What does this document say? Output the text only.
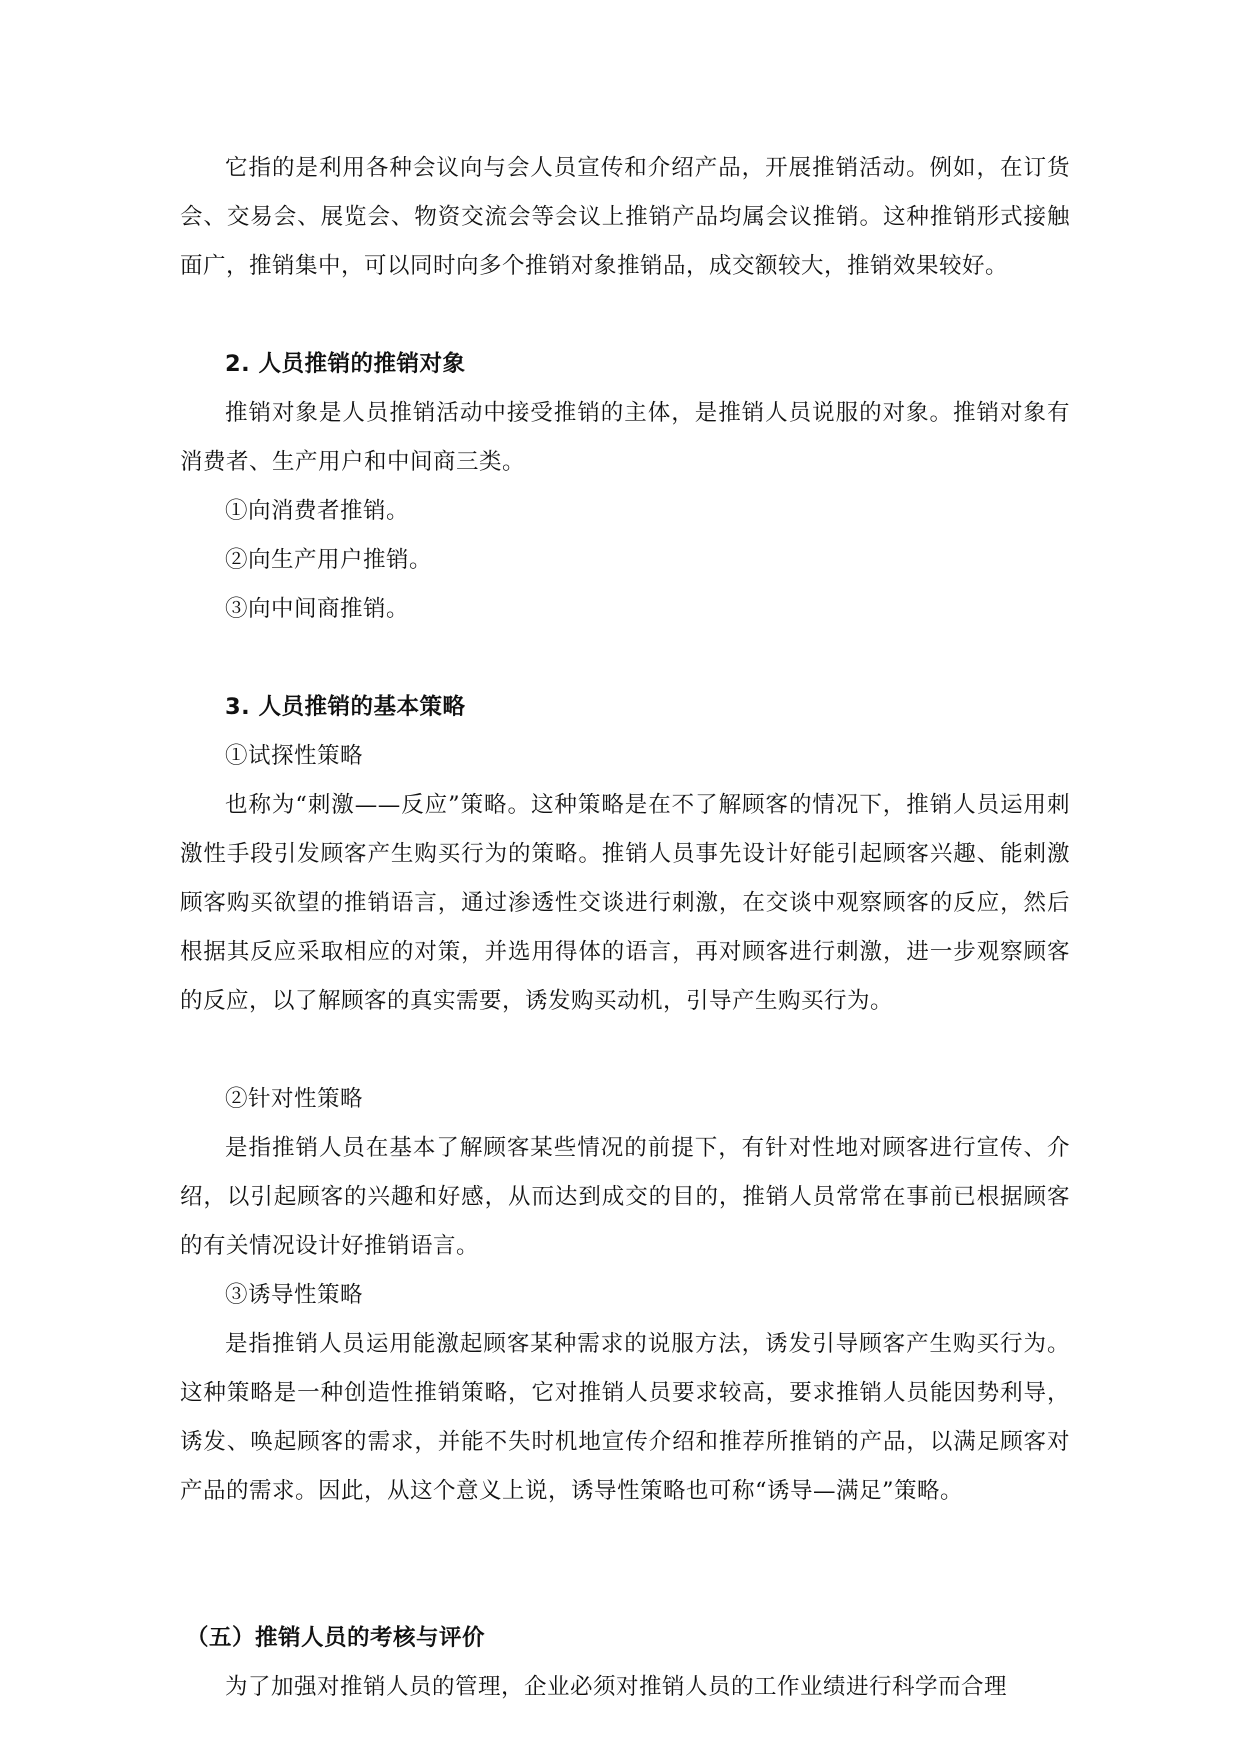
它指的是利用各种会议向与会人员宣传和介绍产品，开展推销活动。例如，在订货会、交易会、展览会、物资交流会等会议上推销产品均属会议推销。这种推销形式接触面广，推销集中，可以同时向多个推销对象推销品，成交额较大，推销效果较好。

2. 人员推销的推销对象

推销对象是人员推销活动中接受推销的主体，是推销人员说服的对象。推销对象有消费者、生产用户和中间商三类。

①向消费者推销。

②向生产用户推销。

③向中间商推销。

3. 人员推销的基本策略

①试探性策略

也称为“刺激——反应”策略。这种策略是在不了解顾客的情况下，推销人员运用刺激性手段引发顾客产生购买行为的策略。推销人员事先设计好能引起顾客兴趣、能刺激顾客购买欲望的推销语言，通过渗透性交谈进行刺激，在交谈中观察顾客的反应，然后根据其反应采取相应的对策，并选用得体的语言，再对顾客进行刺激，进一步观察顾客的反应，以了解顾客的真实需要，诱发购买动机，引导产生购买行为。

②针对性策略

是指推销人员在基本了解顾客某些情况的前提下，有针对性地对顾客进行宣传、介绍，以引起顾客的兴趣和好感，从而达到成交的目的，推销人员常常在事前已根据顾客的有关情况设计好推销语言。

③诱导性策略

是指推销人员运用能激起顾客某种需求的说服方法，诱发引导顾客产生购买行为。这种策略是一种创造性推销策略，它对推销人员要求较高，要求推销人员能因势利导，诱发、唤起顾客的需求，并能不失时机地宣传介绍和推荐所推销的产品，以满足顾客对产品的需求。因此，从这个意义上说，诱导性策略也可称“诱导—满足”策略。

（五）推销人员的考核与评价

为了加强对推销人员的管理，企业必须对推销人员的工作业绩进行科学而合理
